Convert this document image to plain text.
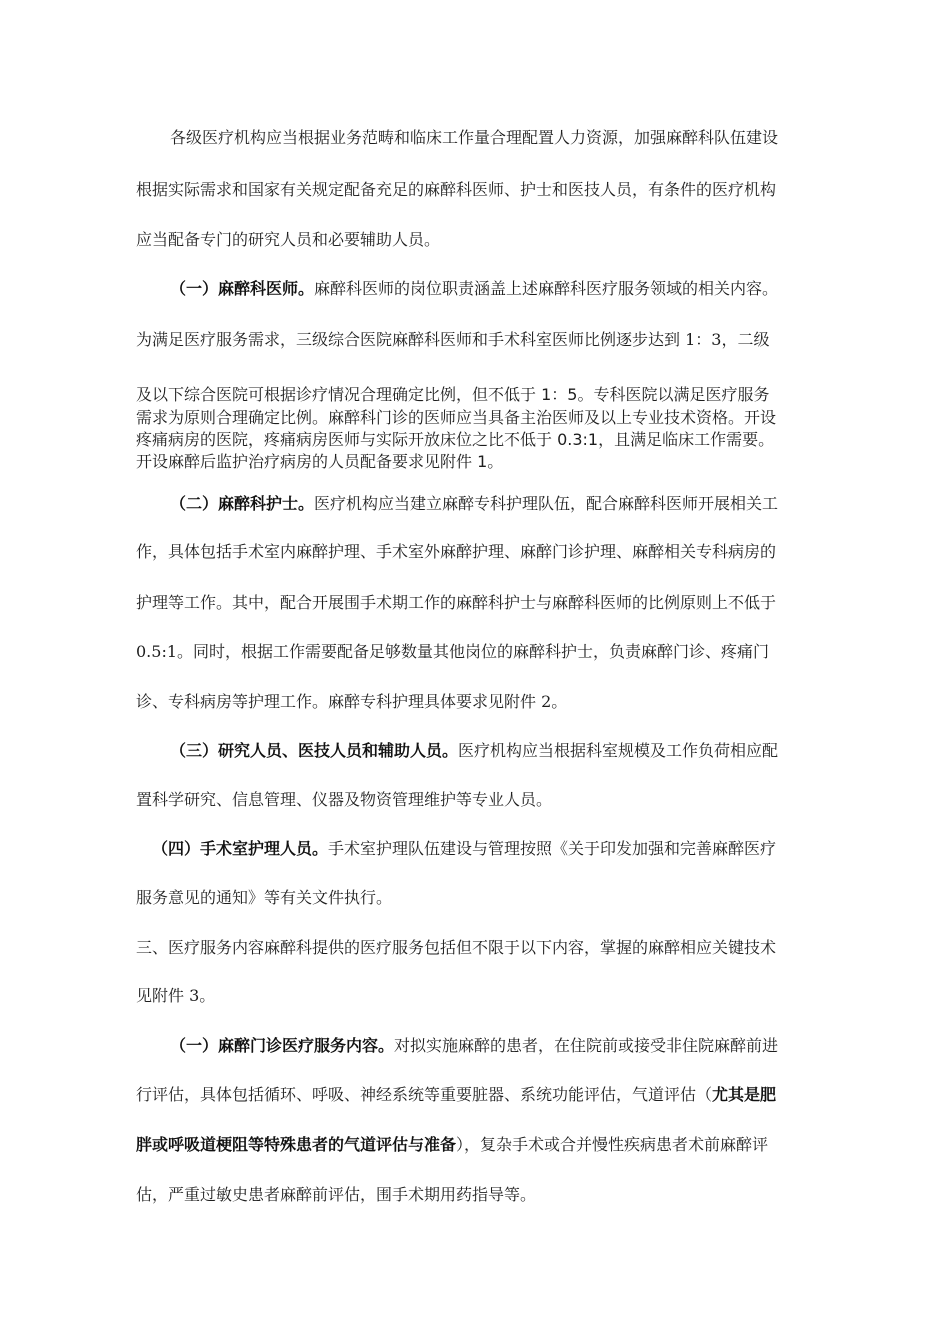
各级医疗机构应当根据业务范畴和临床工作量合理配置人力资源，加强麻醉科队伍建设

根据实际需求和国家有关规定配备充足的麻醉科医师、护士和医技人员，有条件的医疗机构

应当配备专门的研究人员和必要辅助人员。

（一）麻醉科医师。麻醉科医师的岗位职责涵盖上述麻醉科医疗服务领域的相关内容。

为满足医疗服务需求，三级综合医院麻醉科医师和手术科室医师比例逐步达到 1：3，二级

及以下综合医院可根据诊疗情况合理确定比例，但不低于 1：5。专科医院以满足医疗服务

需求为原则合理确定比例。麻醉科门诊的医师应当具备主治医师及以上专业技术资格。开设

疼痛病房的医院，疼痛病房医师与实际开放床位之比不低于 0.3:1，且满足临床工作需要。

开设麻醉后监护治疗病房的人员配备要求见附件 1。

（二）麻醉科护士。医疗机构应当建立麻醉专科护理队伍，配合麻醉科医师开展相关工

作，具体包括手术室内麻醉护理、手术室外麻醉护理、麻醉门诊护理、麻醉相关专科病房的

护理等工作。其中，配合开展围手术期工作的麻醉科护士与麻醉科医师的比例原则上不低于

0.5:1。同时，根据工作需要配备足够数量其他岗位的麻醉科护士，负责麻醉门诊、疼痛门

诊、专科病房等护理工作。麻醉专科护理具体要求见附件 2。

（三）研究人员、医技人员和辅助人员。医疗机构应当根据科室规模及工作负荷相应配

置科学研究、信息管理、仪器及物资管理维护等专业人员。

（四）手术室护理人员。手术室护理队伍建设与管理按照《关于印发加强和完善麻醉医疗

服务意见的通知》等有关文件执行。

三、医疗服务内容麻醉科提供的医疗服务包括但不限于以下内容，掌握的麻醉相应关键技术

见附件 3。

（一）麻醉门诊医疗服务内容。对拟实施麻醉的患者，在住院前或接受非住院麻醉前进

行评估，具体包括循环、呼吸、神经系统等重要脏器、系统功能评估，气道评估（尤其是肥

胖或呼吸道梗阻等特殊患者的气道评估与准备），复杂手术或合并慢性疾病患者术前麻醉评

估，严重过敏史患者麻醉前评估，围手术期用药指导等。
